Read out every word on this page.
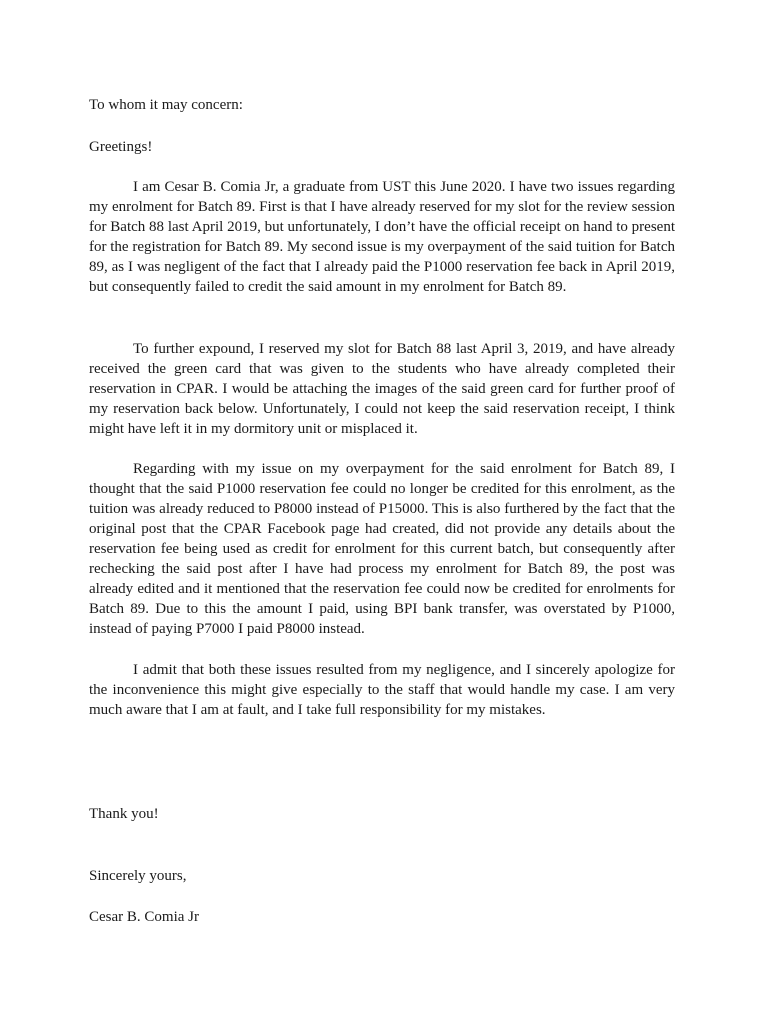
To whom it may concern:

Greetings!

I am Cesar B. Comia Jr, a graduate from UST this June 2020. I have two issues regarding my enrolment for Batch 89. First is that I have already reserved for my slot for the review session for Batch 88 last April 2019, but unfortunately, I don’t have the official receipt on hand to present for the registration for Batch 89. My second issue is my overpayment of the said tuition for Batch 89, as I was negligent of the fact that I already paid the P1000 reservation fee back in April 2019, but consequently failed to credit the said amount in my enrolment for Batch 89.

To further expound, I reserved my slot for Batch 88 last April 3, 2019, and have already received the green card that was given to the students who have already completed their reservation in CPAR. I would be attaching the images of the said green card for further proof of my reservation back below. Unfortunately, I could not keep the said reservation receipt, I think might have left it in my dormitory unit or misplaced it.

Regarding with my issue on my overpayment for the said enrolment for Batch 89, I thought that the said P1000 reservation fee could no longer be credited for this enrolment, as the tuition was already reduced to P8000 instead of P15000. This is also furthered by the fact that the original post that the CPAR Facebook page had created, did not provide any details about the reservation fee being used as credit for enrolment for this current batch, but consequently after rechecking the said post after I have had process my enrolment for Batch 89, the post was already edited and it mentioned that the reservation fee could now be credited for enrolments for Batch 89. Due to this the amount I paid, using BPI bank transfer, was overstated by P1000, instead of paying P7000 I paid P8000 instead.

I admit that both these issues resulted from my negligence, and I sincerely apologize for the inconvenience this might give especially to the staff that would handle my case. I am very much aware that I am at fault, and I take full responsibility for my mistakes.

Thank you!

Sincerely yours,

Cesar B. Comia Jr
